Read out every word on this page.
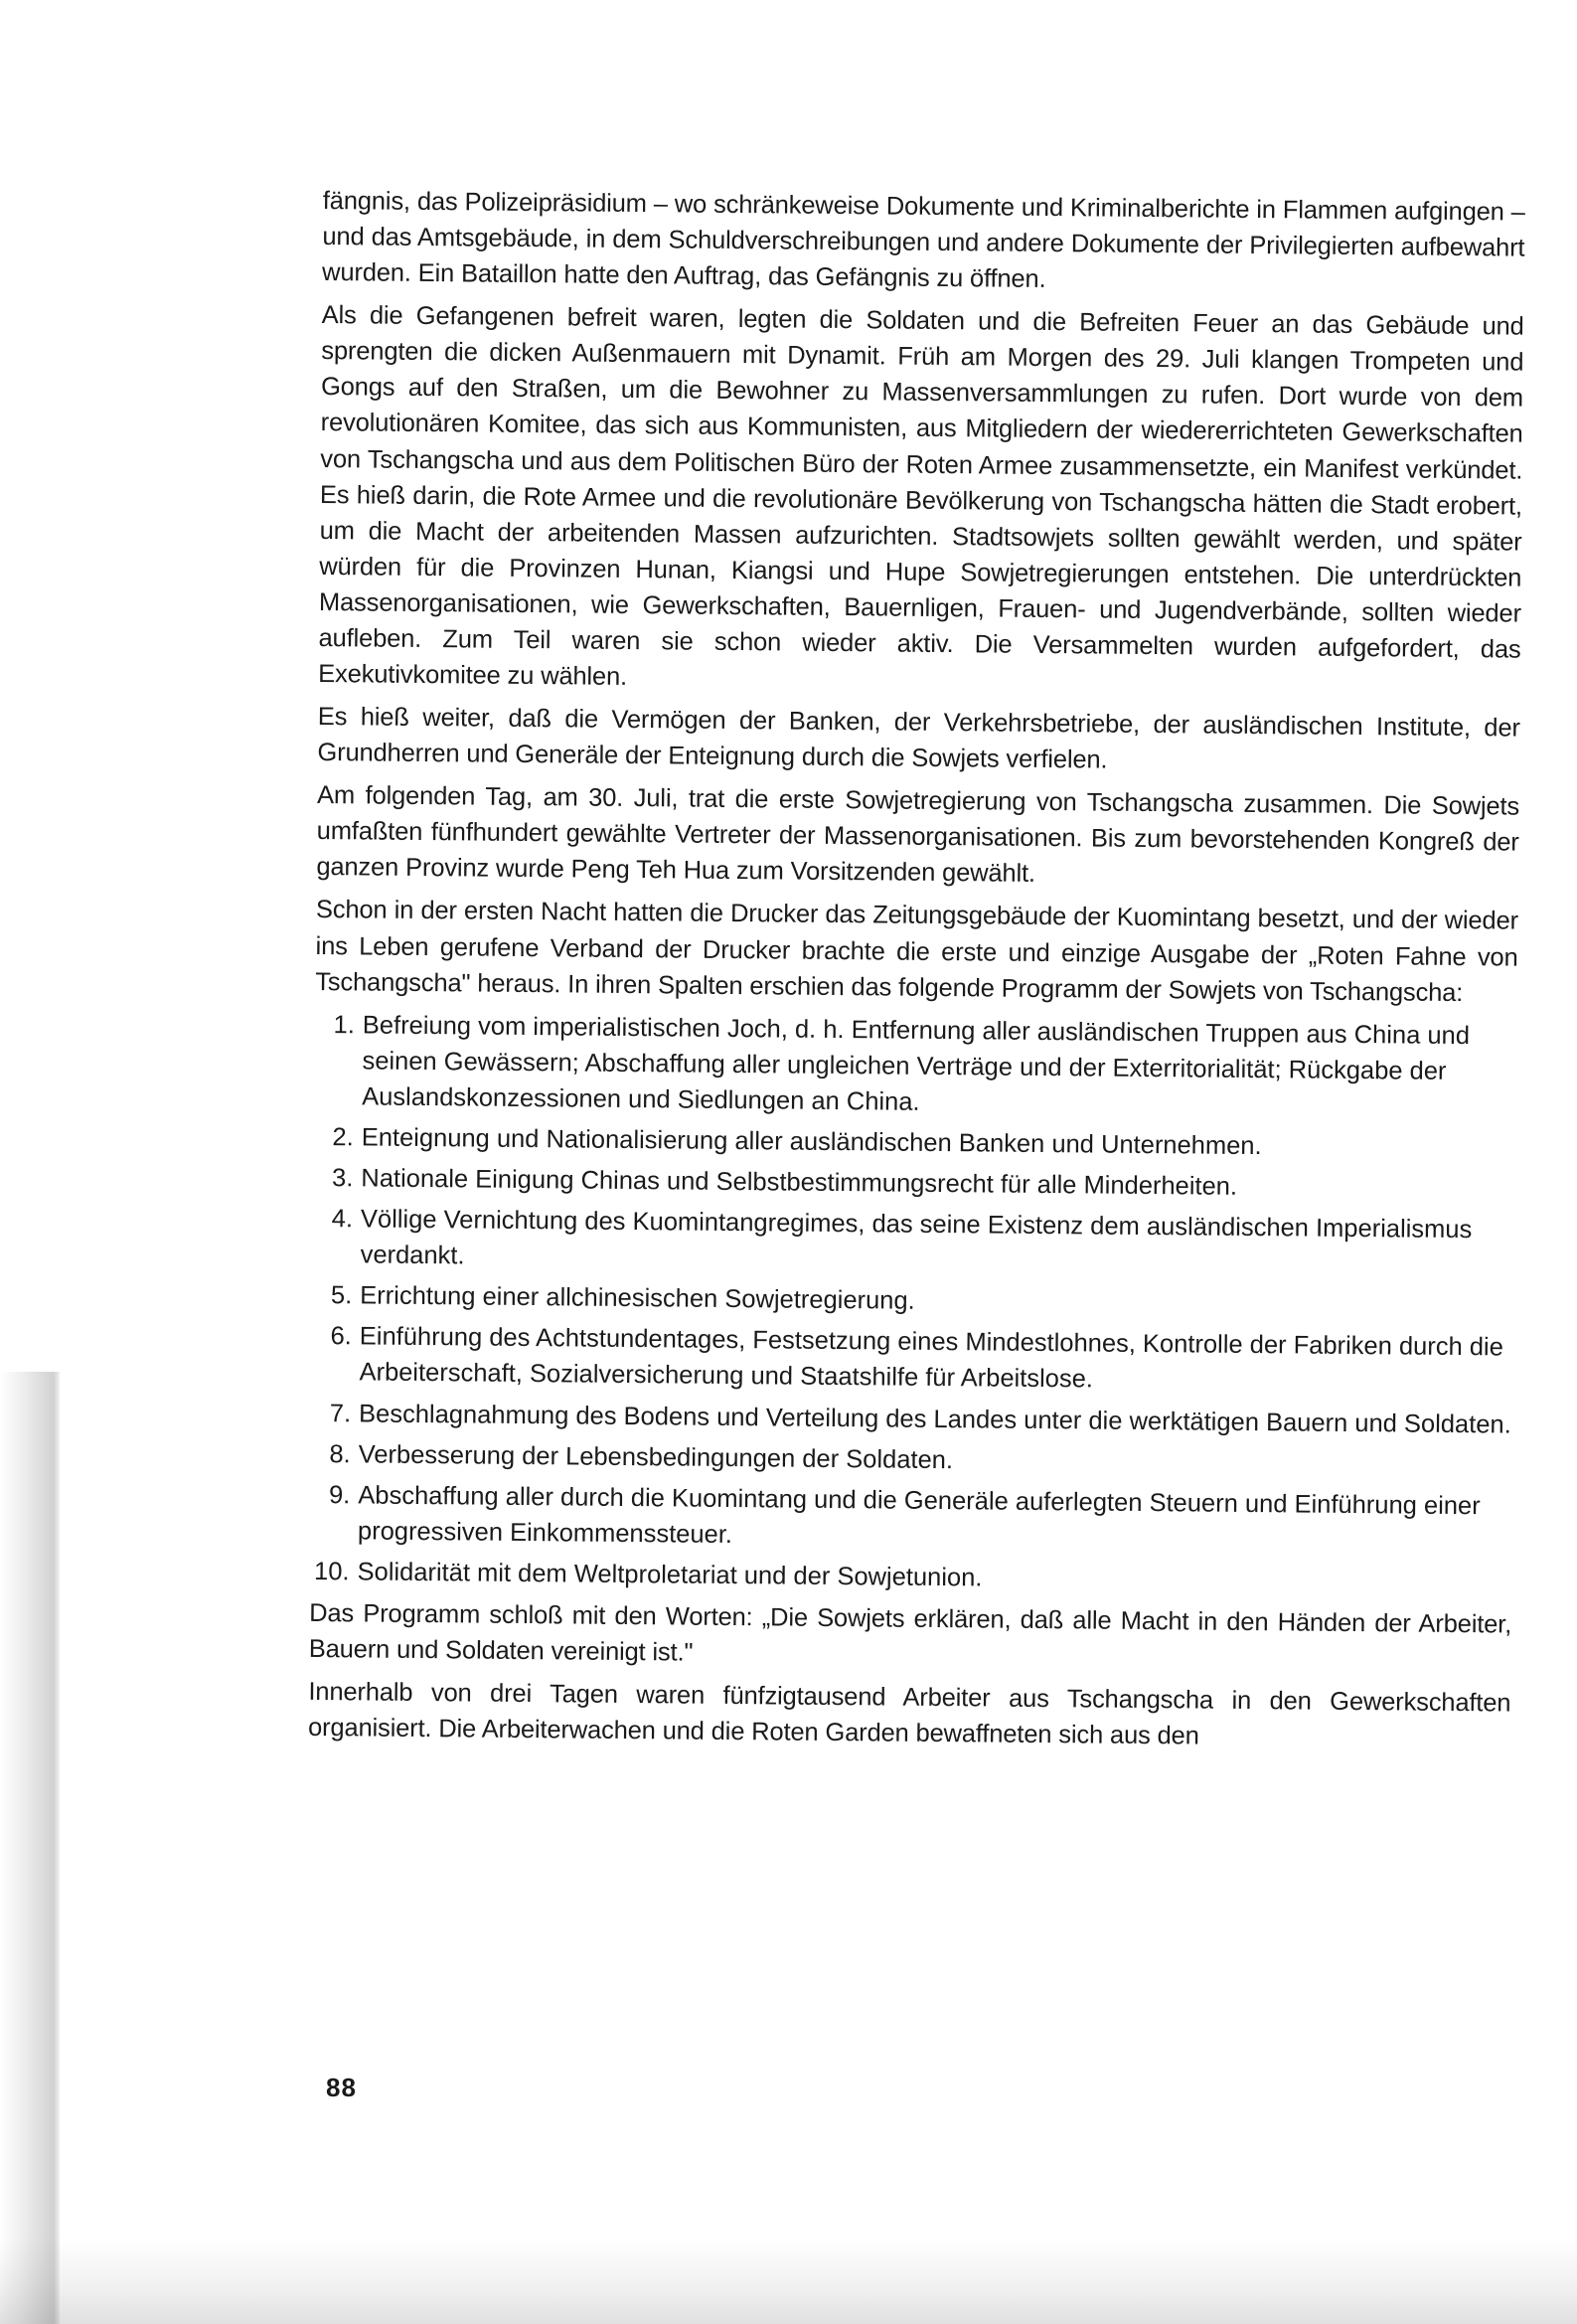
fängnis, das Polizeipräsidium – wo schränkeweise Dokumente und Kriminalberichte in Flammen aufgingen – und das Amtsgebäude, in dem Schuldverschreibungen und andere Dokumente der Privilegierten aufbewahrt wurden. Ein Bataillon hatte den Auftrag, das Gefängnis zu öffnen.

Als die Gefangenen befreit waren, legten die Soldaten und die Befreiten Feuer an das Gebäude und sprengten die dicken Außenmauern mit Dynamit. Früh am Morgen des 29. Juli klangen Trompeten und Gongs auf den Straßen, um die Bewohner zu Massenversammlungen zu rufen. Dort wurde von dem revolutionären Komitee, das sich aus Kommunisten, aus Mitgliedern der wiedererrichteten Gewerkschaften von Tschangscha und aus dem Politischen Büro der Roten Armee zusammensetzte, ein Manifest verkündet. Es hieß darin, die Rote Armee und die revolutionäre Bevölkerung von Tschangscha hätten die Stadt erobert, um die Macht der arbeitenden Massen aufzurichten. Stadtsowjets sollten gewählt werden, und später würden für die Provinzen Hunan, Kiangsi und Hupe Sowjetregierungen entstehen. Die unterdrückten Massenorganisationen, wie Gewerkschaften, Bauernligen, Frauen- und Jugendverbände, sollten wieder aufleben. Zum Teil waren sie schon wieder aktiv. Die Versammelten wurden aufgefordert, das Exekutivkomitee zu wählen.

Es hieß weiter, daß die Vermögen der Banken, der Verkehrsbetriebe, der ausländischen Institute, der Grundherren und Generäle der Enteignung durch die Sowjets verfielen.

Am folgenden Tag, am 30. Juli, trat die erste Sowjetregierung von Tschangscha zusammen. Die Sowjets umfaßten fünfhundert gewählte Vertreter der Massenorganisationen. Bis zum bevorstehenden Kongreß der ganzen Provinz wurde Peng Teh Hua zum Vorsitzenden gewählt.

Schon in der ersten Nacht hatten die Drucker das Zeitungsgebäude der Kuomintang besetzt, und der wieder ins Leben gerufene Verband der Drucker brachte die erste und einzige Ausgabe der „Roten Fahne von Tschangscha" heraus. In ihren Spalten erschien das folgende Programm der Sowjets von Tschangscha:

1. Befreiung vom imperialistischen Joch, d. h. Entfernung aller ausländischen Truppen aus China und seinen Gewässern; Abschaffung aller ungleichen Verträge und der Exterritorialität; Rückgabe der Auslandskonzessionen und Siedlungen an China.
2. Enteignung und Nationalisierung aller ausländischen Banken und Unternehmen.
3. Nationale Einigung Chinas und Selbstbestimmungsrecht für alle Minderheiten.
4. Völlige Vernichtung des Kuomintangregimes, das seine Existenz dem ausländischen Imperialismus verdankt.
5. Errichtung einer allchinesischen Sowjetregierung.
6. Einführung des Achtstundentages, Festsetzung eines Mindestlohnes, Kontrolle der Fabriken durch die Arbeiterschaft, Sozialversicherung und Staatshilfe für Arbeitslose.
7. Beschlagnahmung des Bodens und Verteilung des Landes unter die werktätigen Bauern und Soldaten.
8. Verbesserung der Lebensbedingungen der Soldaten.
9. Abschaffung aller durch die Kuomintang und die Generäle auferlegten Steuern und Einführung einer progressiven Einkommenssteuer.
10. Solidarität mit dem Weltproletariat und der Sowjetunion.

Das Programm schloß mit den Worten: „Die Sowjets erklären, daß alle Macht in den Händen der Arbeiter, Bauern und Soldaten vereinigt ist."

Innerhalb von drei Tagen waren fünfzigtausend Arbeiter aus Tschangscha in den Gewerkschaften organisiert. Die Arbeiterwachen und die Roten Garden bewaffneten sich aus den

88
